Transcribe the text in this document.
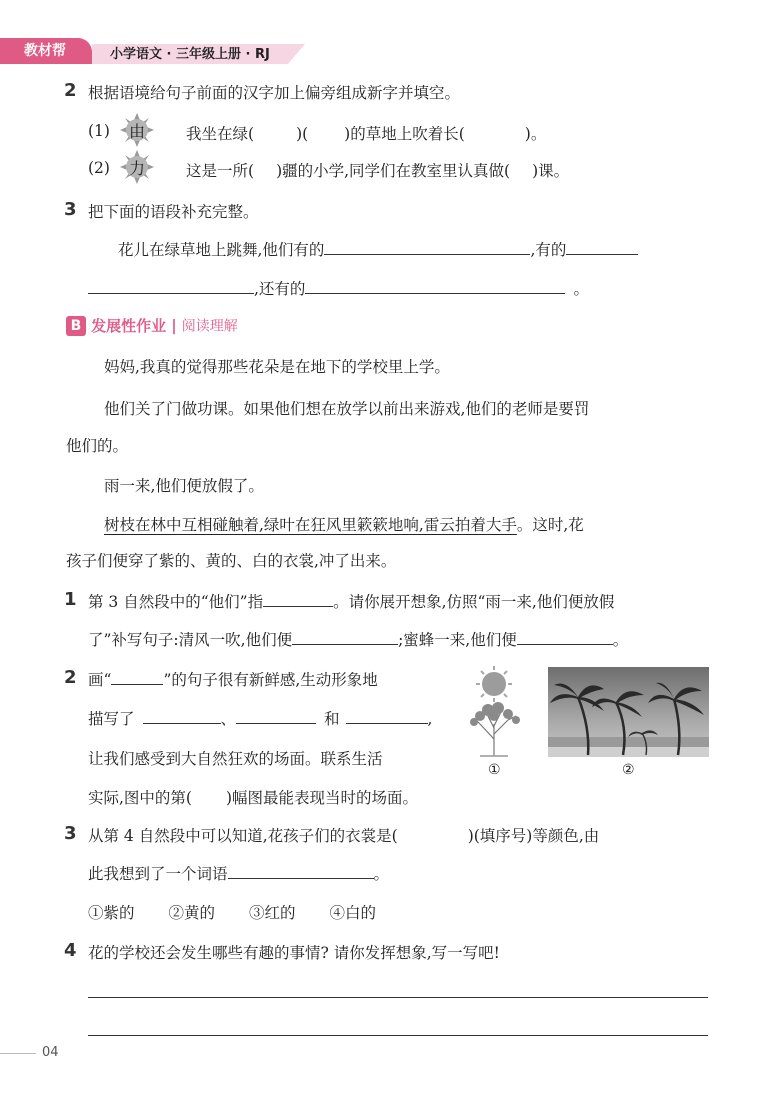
教材帮	小学语文 · 三年级上册 · RJ
2 根据语境给句子前面的汉字加上偏旁组成新字并填空。
(1) 由	我坐在绿(	)( )的草地上吹着长(	)。
(2) 力	这是一所( )疆的小学,同学们在教室里认真做( )课。
3 把下面的语段补充完整。
花儿在绿草地上跳舞,他们有的	,有的
,还有的	。
B 发展性作业 | 阅读理解
妈妈,我真的觉得那些花朵是在地下的学校里上学。
他们关了门做功课。如果他们想在放学以前出来游戏,他们的老师是要罚
他们的。
雨一来,他们便放假了。
树枝在林中互相碰触着,绿叶在狂风里簌簌地响,雷云拍着大手。这时,花
孩子们便穿了紫的、黄的、白的衣裳,冲了出来。
1 第 3 自然段中的“他们”指	。请你展开想象,仿照“雨一来,他们便放假
了”补写句子:清风一吹,他们便	;蜜蜂一来,他们便	。
2 画“	”的句子很有新鲜感,生动形象地
描写了	、	和	,
让我们感受到大自然狂欢的场面。联系生活
实际,图中的第( )幅图最能表现当时的场面。
①	②
3 从第 4 自然段中可以知道,花孩子们的衣裳是(	)(填序号)等颜色,由
此我想到了一个词语	。
①紫的 ②黄的 ③红的 ④白的
4 花的学校还会发生哪些有趣的事情? 请你发挥想象,写一写吧!
04
